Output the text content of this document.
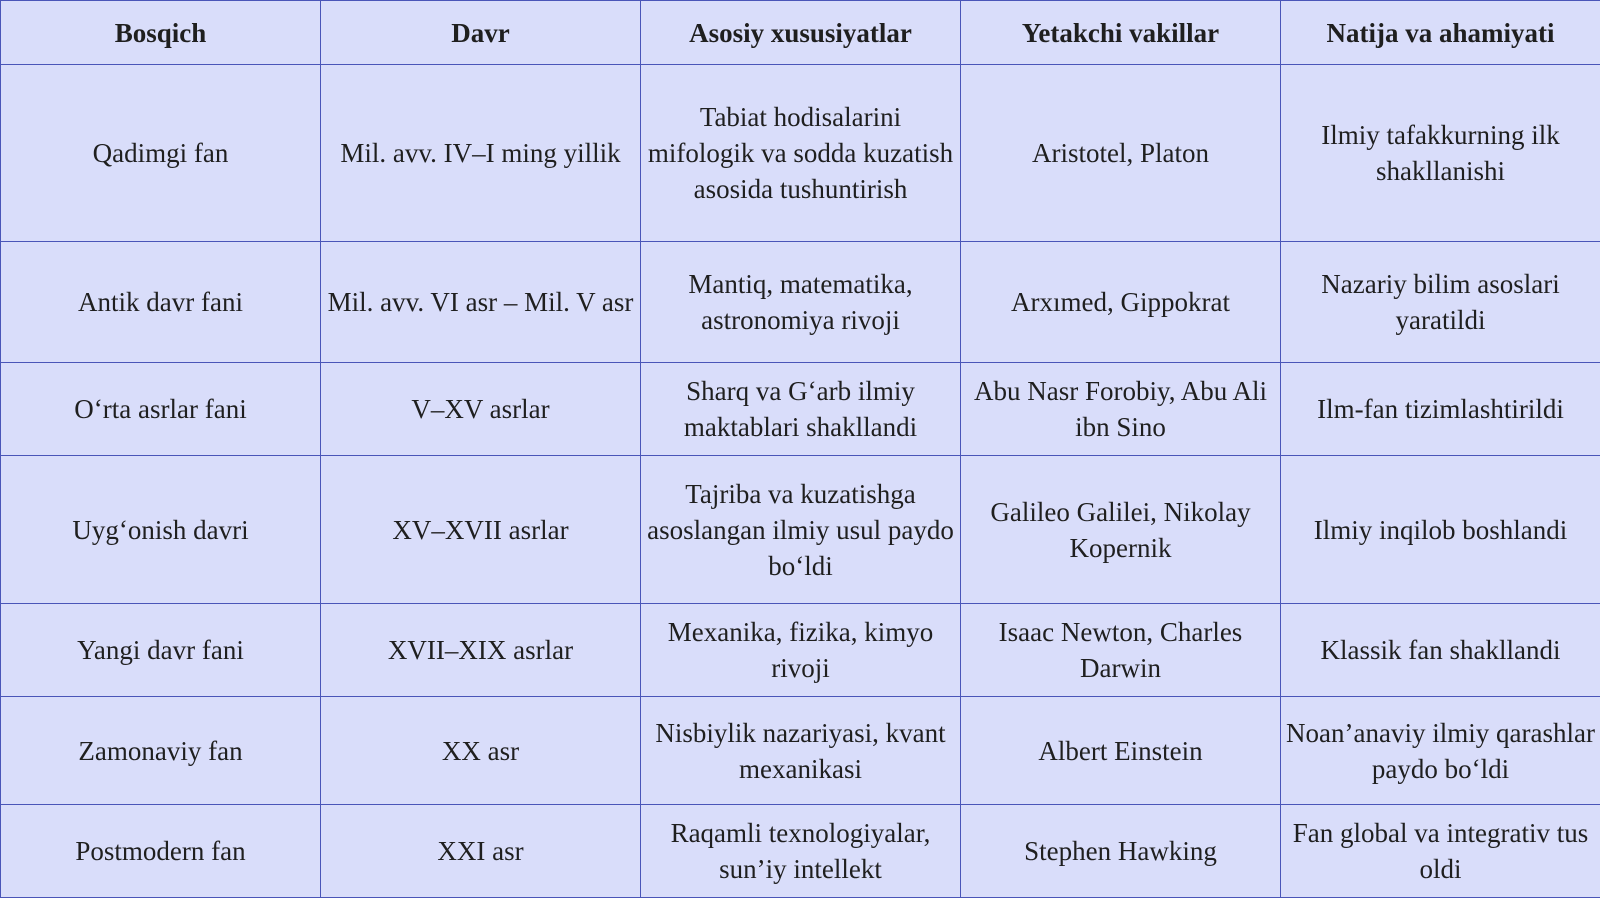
Bosqich	Davr	Asosiy xususiyatlar	Yetakchi vakillar	Natija va ahamiyati
Qadimgi fan	Mil. avv. IV–I ming yillik	Tabiat hodisalarini mifologik va sodda kuzatish asosida tushuntirish	Aristotel, Platon	Ilmiy tafakkurning ilk shakllanishi
Antik davr fani	Mil. avv. VI asr – Mil. V asr	Mantiq, matematika, astronomiya rivoji	Arxımed, Gippokrat	Nazariy bilim asoslari yaratildi
O‘rta asrlar fani	V–XV asrlar	Sharq va G‘arb ilmiy maktablari shakllandi	Abu Nasr Forobiy, Abu Ali ibn Sino	Ilm-fan tizimlashtirildi
Uyg‘onish davri	XV–XVII asrlar	Tajriba va kuzatishga asoslangan ilmiy usul paydo bo‘ldi	Galileo Galilei, Nikolay Kopernik	Ilmiy inqilob boshlandi
Yangi davr fani	XVII–XIX asrlar	Mexanika, fizika, kimyo rivoji	Isaac Newton, Charles Darwin	Klassik fan shakllandi
Zamonaviy fan	XX asr	Nisbiylik nazariyasi, kvant mexanikasi	Albert Einstein	Noan’anaviy ilmiy qarashlar paydo bo‘ldi
Postmodern fan	XXI asr	Raqamli texnologiyalar, sun’iy intellekt	Stephen Hawking	Fan global va integrativ tus oldi
